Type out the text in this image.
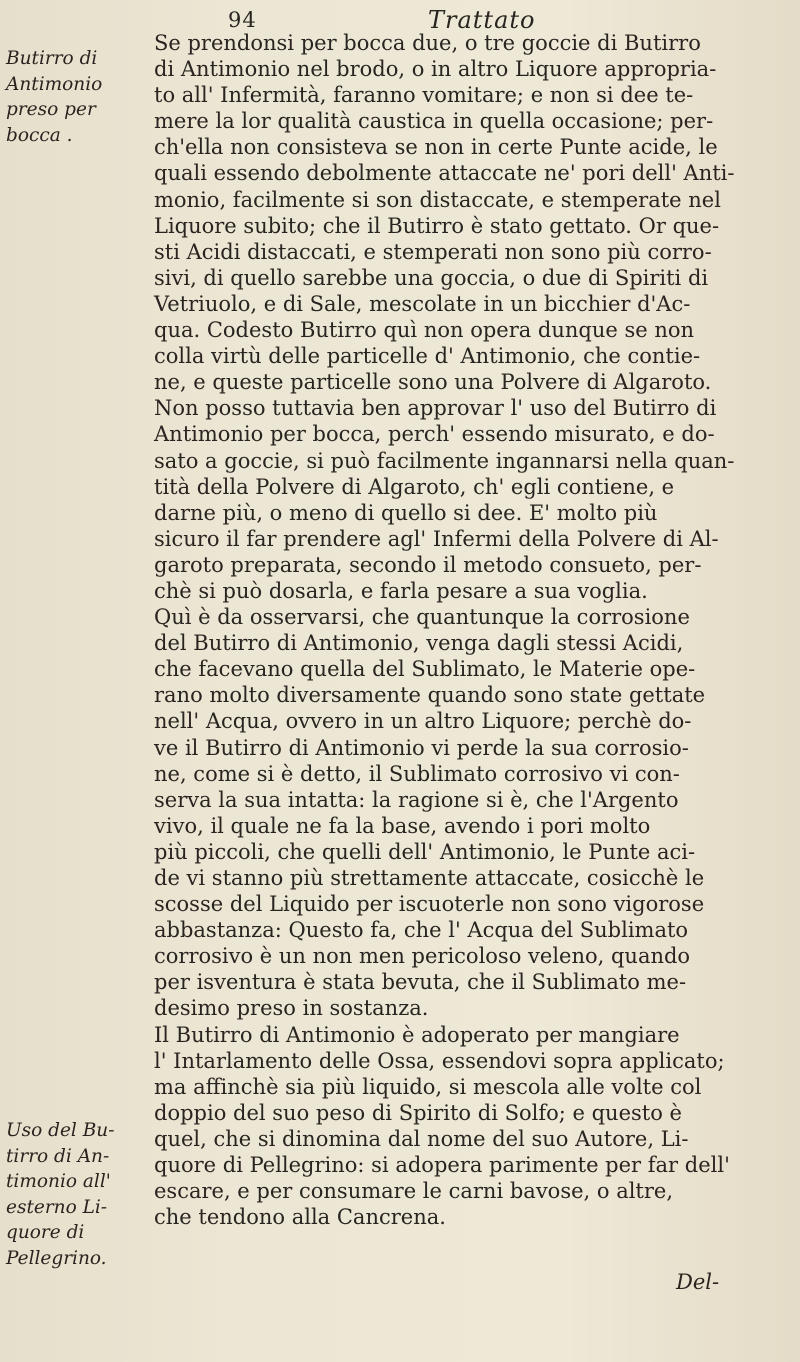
94	Trattato
Butirro di
Antimonio
preso per
bocca .
Uso del Bu-
tirro di An-
timonio all'
esterno Li-
quore di
Pellegrino.
Se prendonsi per bocca due, o tre goccie di Butirro
di Antimonio nel brodo, o in altro Liquore appropria-
to all' Infermità, faranno vomitare; e non si dee te-
mere la lor qualità caustica in quella occasione; per-
ch'ella non consisteva se non in certe Punte acide, le
quali essendo debolmente attaccate ne' pori dell' Anti-
monio, facilmente si son distaccate, e stemperate nel
Liquore subito; che il Butirro è stato gettato. Or que-
sti Acidi distaccati, e stemperati non sono più corro-
sivi, di quello sarebbe una goccia, o due di Spiriti di
Vetriuolo, e di Sale, mescolate in un bicchier d'Ac-
qua. Codesto Butirro quì non opera dunque se non
colla virtù delle particelle d' Antimonio, che contie-
ne, e queste particelle sono una Polvere di Algaroto.
Non posso tuttavia ben approvar l' uso del Butirro di
Antimonio per bocca, perch' essendo misurato, e do-
sato a goccie, si può facilmente ingannarsi nella quan-
tità della Polvere di Algaroto, ch' egli contiene, e
darne più, o meno di quello si dee. E' molto più
sicuro il far prendere agl' Infermi della Polvere di Al-
garoto preparata, secondo il metodo consueto, per-
chè si può dosarla, e farla pesare a sua voglia.
Quì è da osservarsi, che quantunque la corrosione
del Butirro di Antimonio, venga dagli stessi Acidi,
che facevano quella del Sublimato, le Materie ope-
rano molto diversamente quando sono state gettate
nell' Acqua, ovvero in un altro Liquore; perchè do-
ve il Butirro di Antimonio vi perde la sua corrosio-
ne, come si è detto, il Sublimato corrosivo vi con-
serva la sua intatta: la ragione si è, che l'Argento
vivo, il quale ne fa la base, avendo i pori molto
più piccoli, che quelli dell' Antimonio, le Punte aci-
de vi stanno più strettamente attaccate, cosicchè le
scosse del Liquido per iscuoterle non sono vigorose
abbastanza: Questo fa, che l' Acqua del Sublimato
corrosivo è un non men pericoloso veleno, quando
per isventura è stata bevuta, che il Sublimato me-
desimo preso in sostanza.
Il Butirro di Antimonio è adoperato per mangiare
l' Intarlamento delle Ossa, essendovi sopra applicato;
ma affinchè sia più liquido, si mescola alle volte col
doppio del suo peso di Spirito di Solfo; e questo è
quel, che si dinomina dal nome del suo Autore, Li-
quore di Pellegrino: si adopera parimente per far dell'
escare, e per consumare le carni bavose, o altre,
che tendono alla Cancrena.
Del-
